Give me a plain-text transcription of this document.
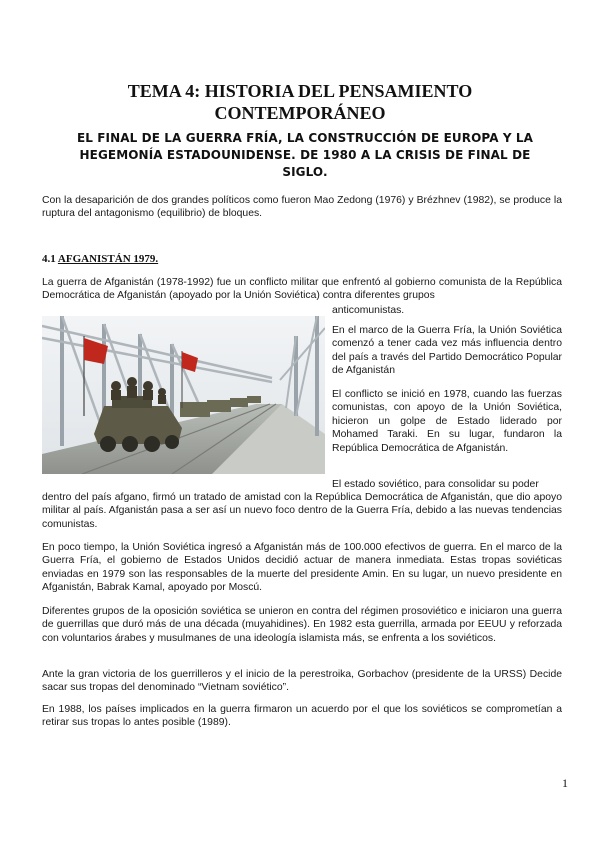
TEMA 4: HISTORIA DEL PENSAMIENTO
CONTEMPORÁNEO
EL FINAL DE LA GUERRA FRÍA, LA CONSTRUCCIÓN DE EUROPA Y LA
HEGEMONÍA ESTADOUNIDENSE. DE 1980 A LA CRISIS DE FINAL DE SIGLO.

Con la desaparición de dos grandes políticos como fueron Mao Zedong (1976) y Brézhnev (1982), se produce la ruptura del antagonismo (equilibrio) de bloques.

4.1 AFGANISTÁN 1979.

La guerra de Afganistán (1978-1992) fue un conflicto militar que enfrentó al gobierno comunista de la República Democrática de Afganistán (apoyado por la Unión Soviética) contra diferentes grupos

anticomunistas.

En el marco de la Guerra Fría, la Unión Soviética comenzó a tener cada vez más influencia dentro del país a través del Partido Democrático Popular de Afganistán

El conflicto se inició en 1978, cuando las fuerzas comunistas, con apoyo de la Unión Soviética, hicieron un golpe de Estado liderado por Mohamed Taraki. En su lugar, fundaron la República Democrática de Afganistán.

El estado soviético, para consolidar su poder

dentro del país afgano, firmó un tratado de amistad con la República Democrática de Afganistán, que dio apoyo militar al país. Afganistán pasa a ser así un nuevo foco dentro de la Guerra Fría, debido a las nuevas tendencias comunistas.

En poco tiempo, la Unión Soviética ingresó a Afganistán más de 100.000 efectivos de guerra. En el marco de la Guerra Fría, el gobierno de Estados Unidos decidió actuar de manera inmediata. Estas tropas soviéticas enviadas en 1979 son las responsables de la muerte del presidente Amin. En su lugar, un nuevo presidente en Afganistán, Babrak Kamal, apoyado por Moscú.

Diferentes grupos de la oposición soviética se unieron en contra del régimen prosoviético e iniciaron una guerra de guerrillas que duró más de una década (muyahidines). En 1982 esta guerrilla, armada por EEUU y reforzada con voluntarios árabes y musulmanes de una ideología islamista más, se enfrenta a los soviéticos.

Ante la gran victoria de los guerrilleros y el inicio de la perestroika, Gorbachov (presidente de la URSS) Decide sacar sus tropas del denominado “Vietnam soviético”.

En 1988, los países implicados en la guerra firmaron un acuerdo por el que los soviéticos se comprometían a retirar sus tropas lo antes posible (1989).

1
